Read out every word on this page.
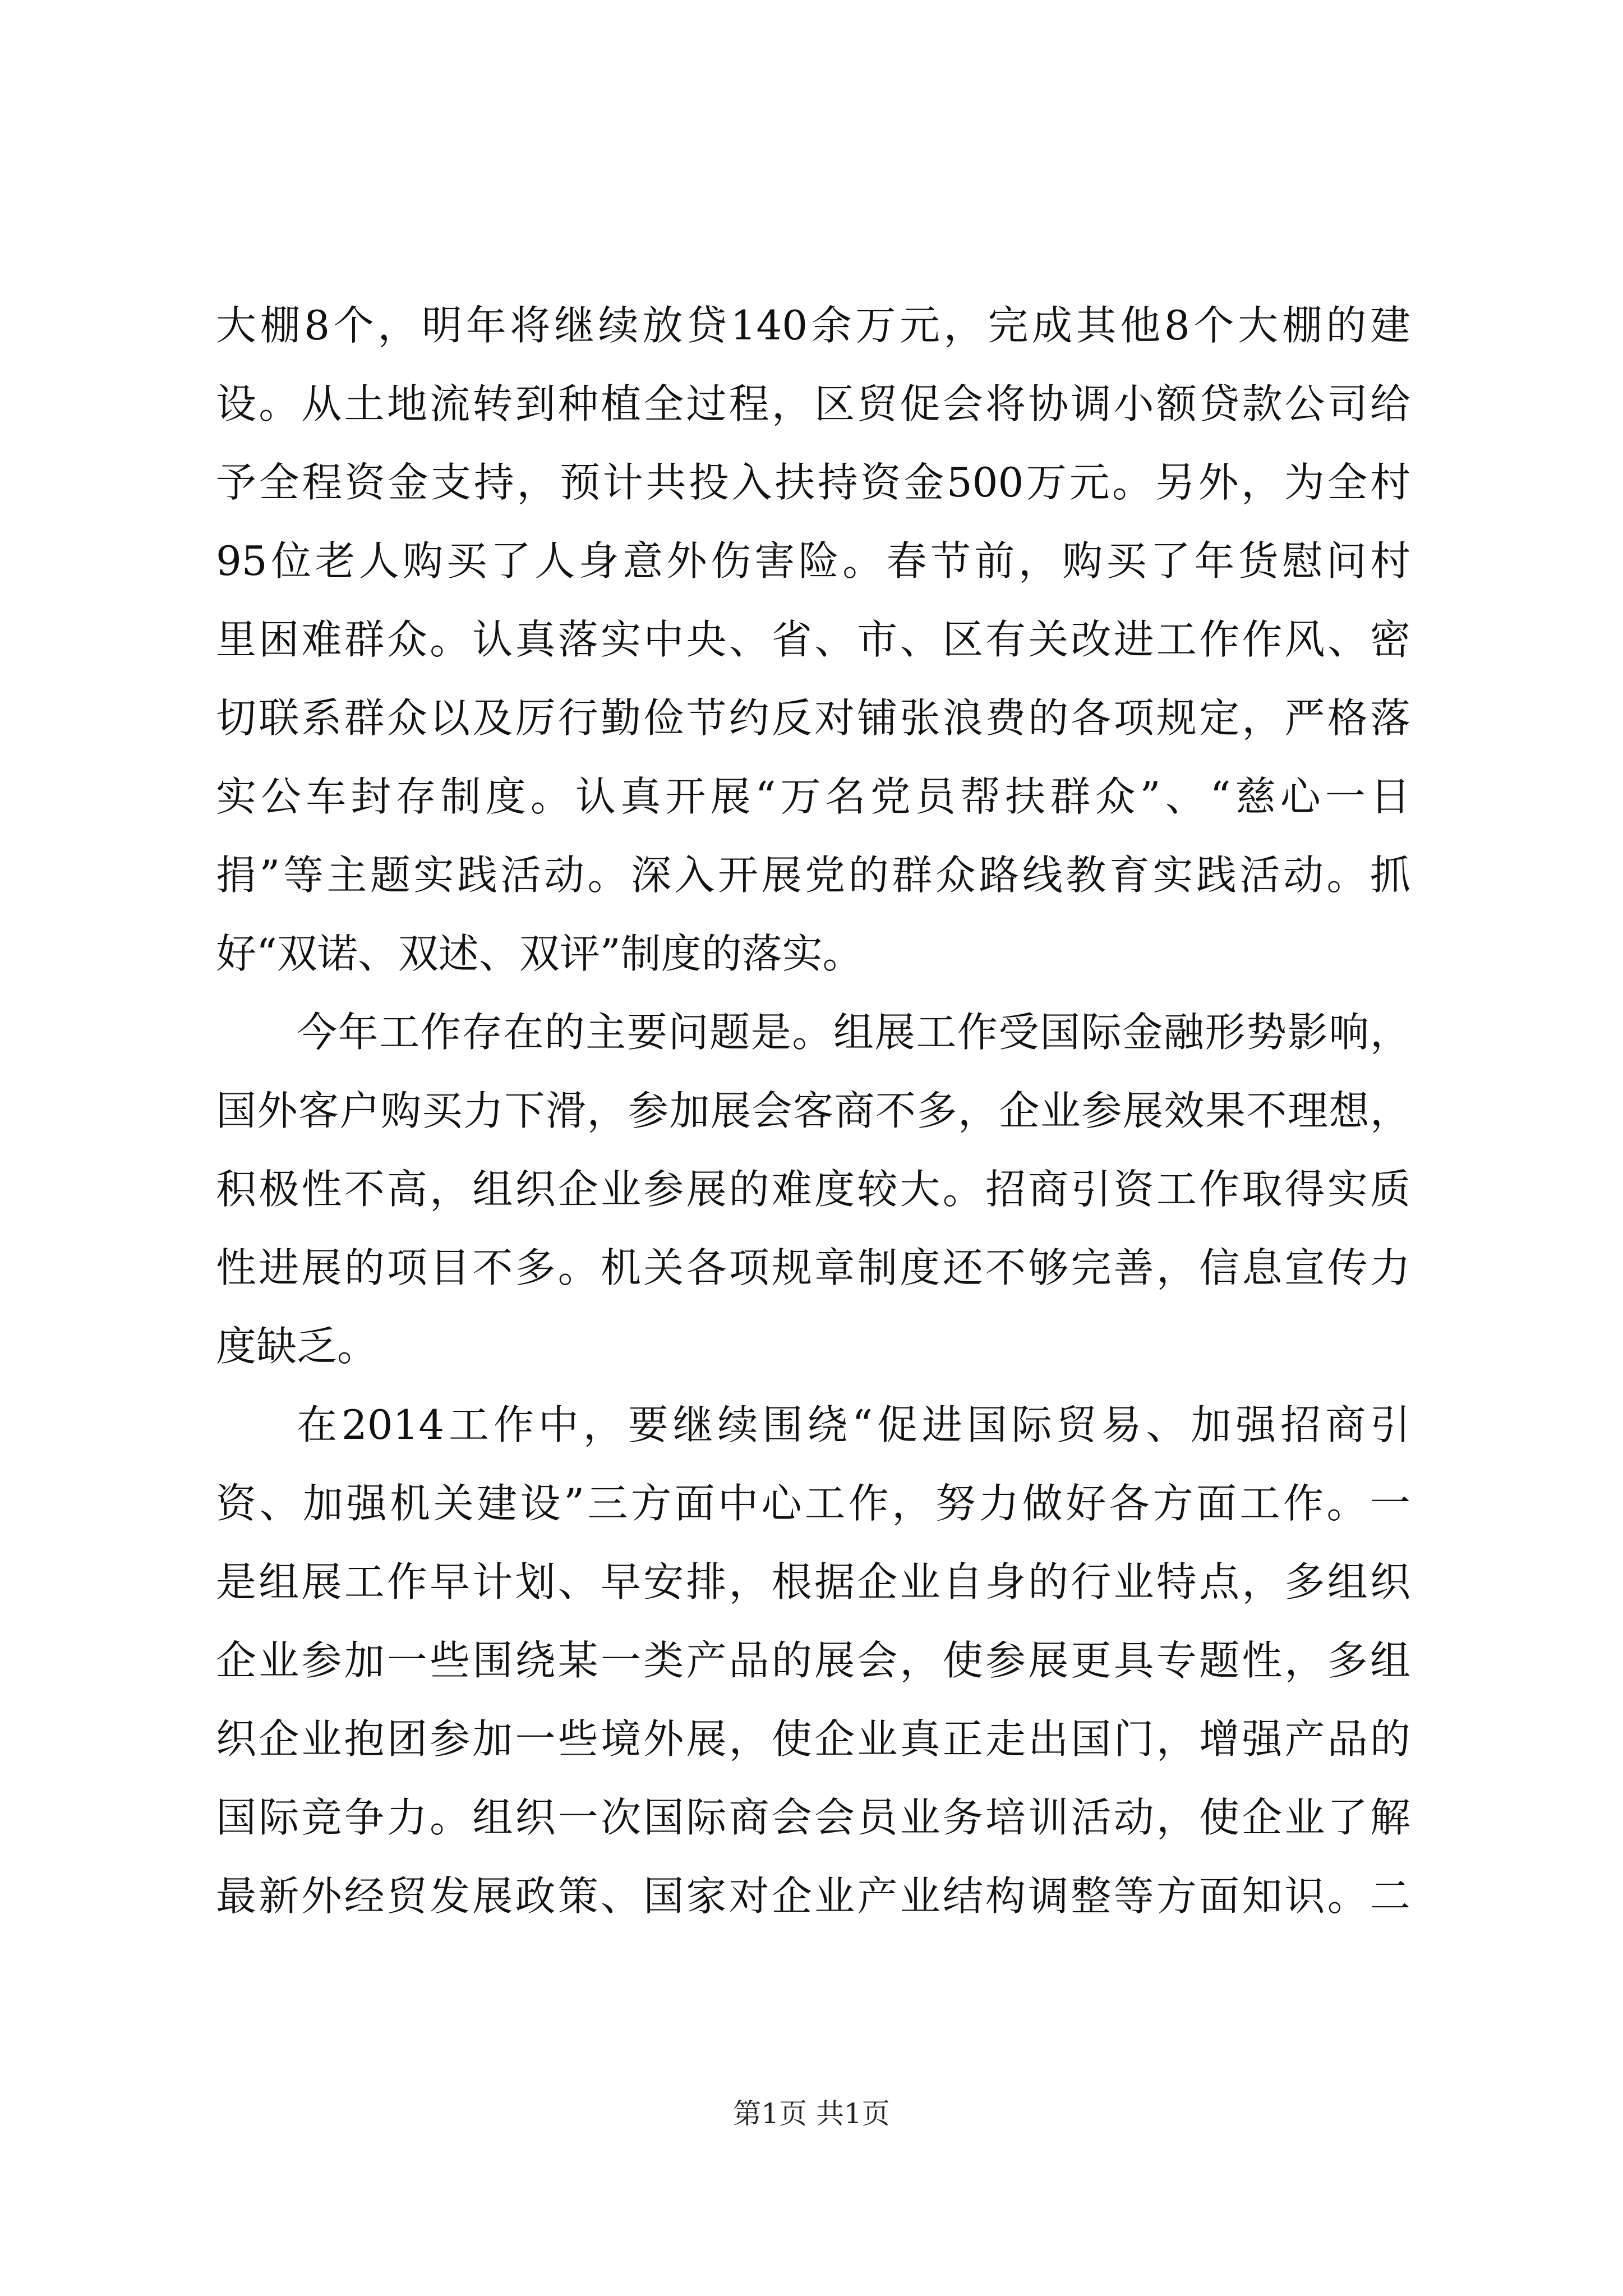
大棚8个，明年将继续放贷140余万元，完成其他8个大棚的建
设。从土地流转到种植全过程，区贸促会将协调小额贷款公司给
予全程资金支持，预计共投入扶持资金500万元。另外，为全村
95位老人购买了人身意外伤害险。春节前，购买了年货慰问村
里困难群众。认真落实中央、省、市、区有关改进工作作风、密
切联系群众以及厉行勤俭节约反对铺张浪费的各项规定，严格落
实公车封存制度。认真开展“万名党员帮扶群众”、“慈心一日
捐”等主题实践活动。深入开展党的群众路线教育实践活动。抓
好“双诺、双述、双评”制度的落实。
今年工作存在的主要问题是。组展工作受国际金融形势影响，
国外客户购买力下滑，参加展会客商不多，企业参展效果不理想，
积极性不高，组织企业参展的难度较大。招商引资工作取得实质
性进展的项目不多。机关各项规章制度还不够完善，信息宣传力
度缺乏。
在2014工作中，要继续围绕“促进国际贸易、加强招商引
资、加强机关建设”三方面中心工作，努力做好各方面工作。一
是组展工作早计划、早安排，根据企业自身的行业特点，多组织
企业参加一些围绕某一类产品的展会，使参展更具专题性，多组
织企业抱团参加一些境外展，使企业真正走出国门，增强产品的
国际竞争力。组织一次国际商会会员业务培训活动，使企业了解
最新外经贸发展政策、国家对企业产业结构调整等方面知识。二
第1页 共1页
